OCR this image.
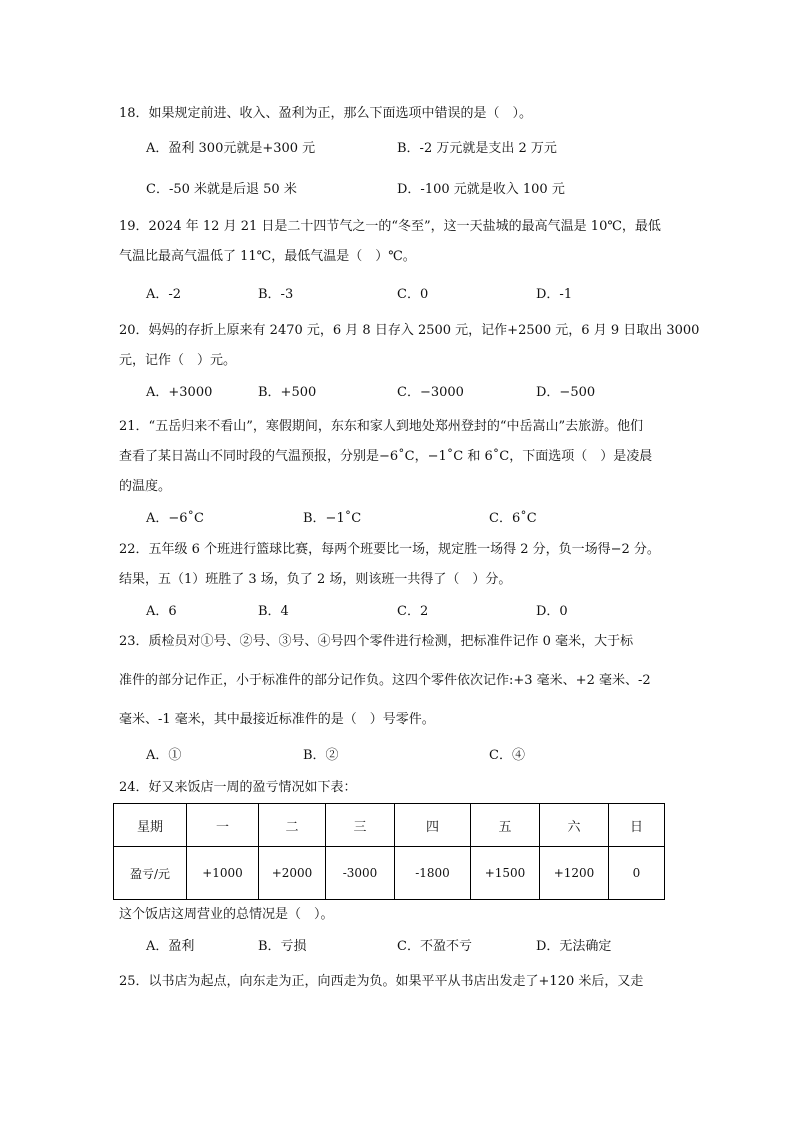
18．如果规定前进、收入、盈利为正，那么下面选项中错误的是（　）。
A．盈利 300元就是+300 元	B．-2 万元就是支出 2 万元
C．-50 米就是后退 50 米	D．-100 元就是收入 100 元
19．2024 年 12 月 21 日是二十四节气之一的“冬至”，这一天盐城的最高气温是 10℃，最低
气温比最高气温低了 11℃，最低气温是（　）℃。
A．-2	B．-3	C．0	D．-1
20．妈妈的存折上原来有 2470 元，6 月 8 日存入 2500 元，记作+2500 元，6 月 9 日取出 3000
元，记作（　）元。
A．+3000	B．+500	C．−3000	D．−500
21．“五岳归来不看山”，寒假期间，东东和家人到地处郑州登封的“中岳嵩山”去旅游。他们
查看了某日嵩山不同时段的气温预报，分别是−6˚C，−1˚C 和 6˚C，下面选项（　）是凌晨
的温度。
A．−6˚C	B．−1˚C	C．6˚C
22．五年级 6 个班进行篮球比赛，每两个班要比一场，规定胜一场得 2 分，负一场得−2 分。
结果，五（1）班胜了 3 场，负了 2 场，则该班一共得了（　）分。
A．6	B．4	C．2	D．0
23．质检员对①号、②号、③号、④号四个零件进行检测，把标准件记作 0 毫米，大于标
准件的部分记作正，小于标准件的部分记作负。这四个零件依次记作:+3 毫米、+2 毫米、-2
毫米、-1 毫米，其中最接近标准件的是（　）号零件。
A．①	B．②	C．④
24．好又来饭店一周的盈亏情况如下表：
星期	一	二	三	四	五	六	日
盈亏/元	+1000	+2000	-3000	-1800	+1500	+1200	0
这个饭店这周营业的总情况是（　）。
A．盈利	B．亏损	C．不盈不亏	D．无法确定
25．以书店为起点，向东走为正，向西走为负。如果平平从书店出发走了+120 米后，又走
